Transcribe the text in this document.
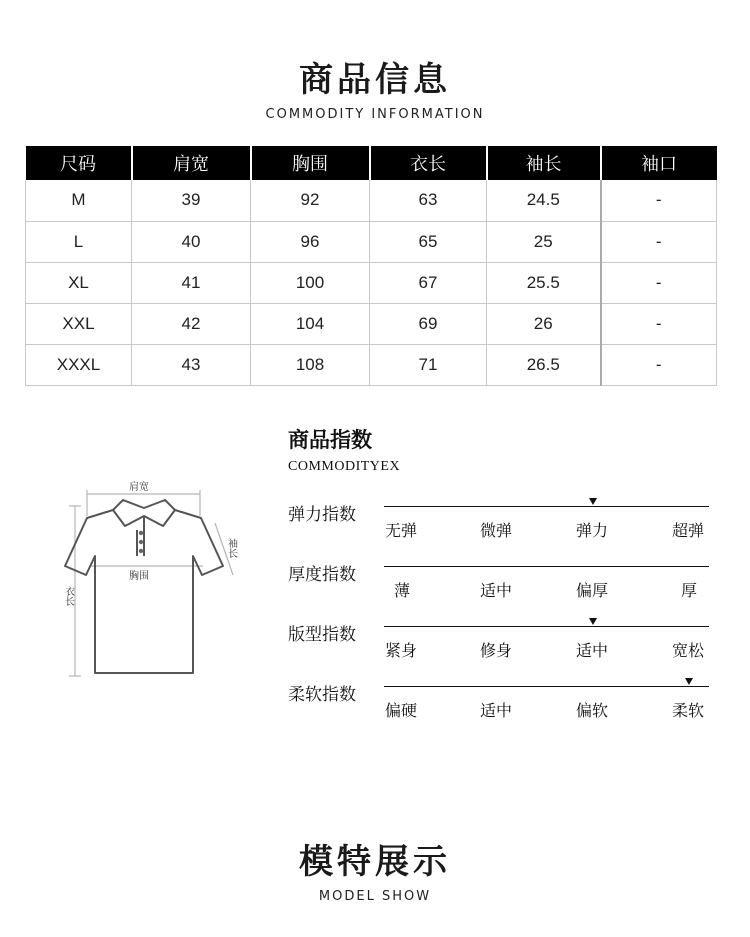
商品信息
COMMODITY INFORMATION
尺码	肩宽	胸围	衣长	袖长	袖口
M	39	92	63	24.5	-
L	40	96	65	25	-
XL	41	100	67	25.5	-
XXL	42	104	69	26	-
XXXL	43	108	71	26.5	-
肩宽
胸围
袖长
衣长
商品指数
COMMODITYEX
弹力指数
无弹	微弹	弹力	超弹
厚度指数
薄	适中	偏厚	厚
版型指数
紧身	修身	适中	宽松
柔软指数
偏硬	适中	偏软	柔软
模特展示
MODEL SHOW
